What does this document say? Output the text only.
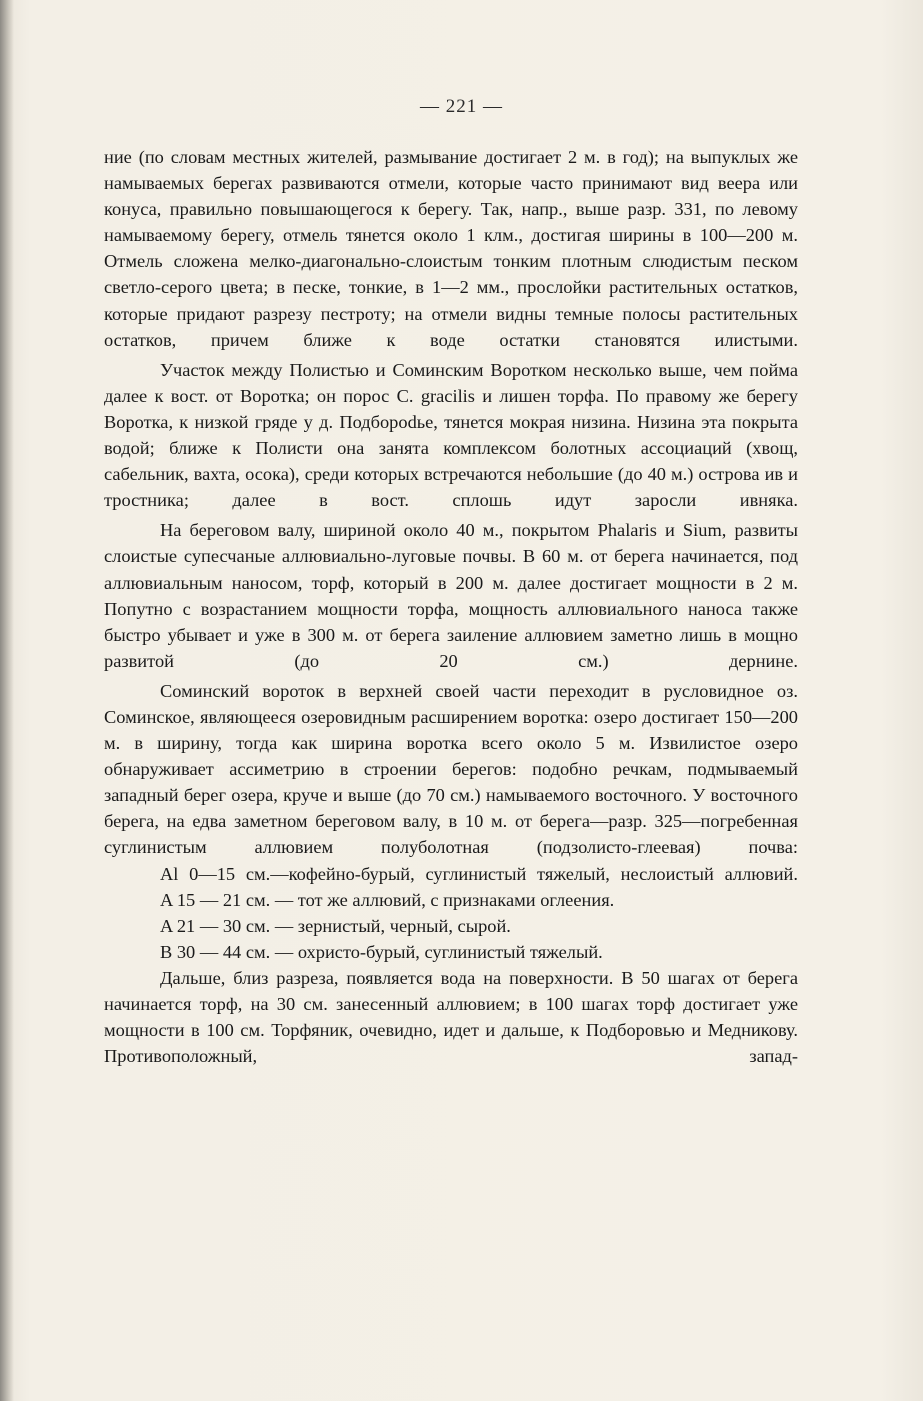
— 221 —

ние (по словам местных жителей, размывание достигает 2 м. в год); на выпуклых же намываемых берегах развиваются отмели, которые часто принимают вид веера или конуса, правильно повышающегося к берегу. Так, напр., выше разр. 331, по левому намываемому берегу, отмель тянется около 1 клм., достигая ширины в 100—200 м. Отмель сложена мелко-диагонально-слоистым тонким плотным слюдистым песком светло-серого цвета; в песке, тонкие, в 1—2 мм., прослойки растительных остатков, которые придают разрезу пестроту; на отмели видны темные полосы растительных остатков, причем ближе к воде остатки становятся илистыми.

Участок между Полистью и Соминским Воротком несколько выше, чем пойма далее к вост. от Воротка; он порос C. gracilis и лишен торфа. По правому же берегу Воротка, к низкой гряде у д. Подборodье, тянется мокрая низина. Низина эта покрыта водой; ближе к Полисти она занята комплексом болотных ассоциаций (хвощ, сабельник, вахта, осока), среди которых встречаются небольшие (до 40 м.) острова ив и тростника; далее в вост. сплошь идут заросли ивняка.

На береговом валу, шириной около 40 м., покрытом Phalaris и Sium, развиты слоистые супесчаные аллювиально-луговые почвы. В 60 м. от берега начинается, под аллювиальным наносом, торф, который в 200 м. далее достигает мощности в 2 м. Попутно с возрастанием мощности торфа, мощность аллювиального наноса также быстро убывает и уже в 300 м. от берега заиление аллювием заметно лишь в мощно развитой (до 20 см.) дернине.

Соминский вороток в верхней своей части переходит в русловидное оз. Соминское, являющееся озеровидным расширением воротка: озеро достигает 150—200 м. в ширину, тогда как ширина воротка всего около 5 м. Извилистое озеро обнаруживает ассиметрию в строении берегов: подобно речкам, подмываемый западный берег озера, круче и выше (до 70 см.) намываемого восточного. У восточного берега, на едва заметном береговом валу, в 10 м. от берега—разр. 325—погребенная суглинистым аллювием полуболотная (подзолисто-глеевая) почва:

Al 0—15 см.—кофейно-бурый, суглинистый тяжелый, неслоистый аллювий.

A 15 — 21 см. — тот же аллювий, с признаками оглеения.

A 21 — 30 см. — зернистый, черный, сырой.

B 30 — 44 см. — охристо-бурый, суглинистый тяжелый.

Дальше, близ разреза, появляется вода на поверхности. В 50 шагах от берега начинается торф, на 30 см. занесенный аллювием; в 100 шагах торф достигает уже мощности в 100 см. Торфяник, очевидно, идет и дальше, к Подборовью и Медникову. Противоположный, запад-
